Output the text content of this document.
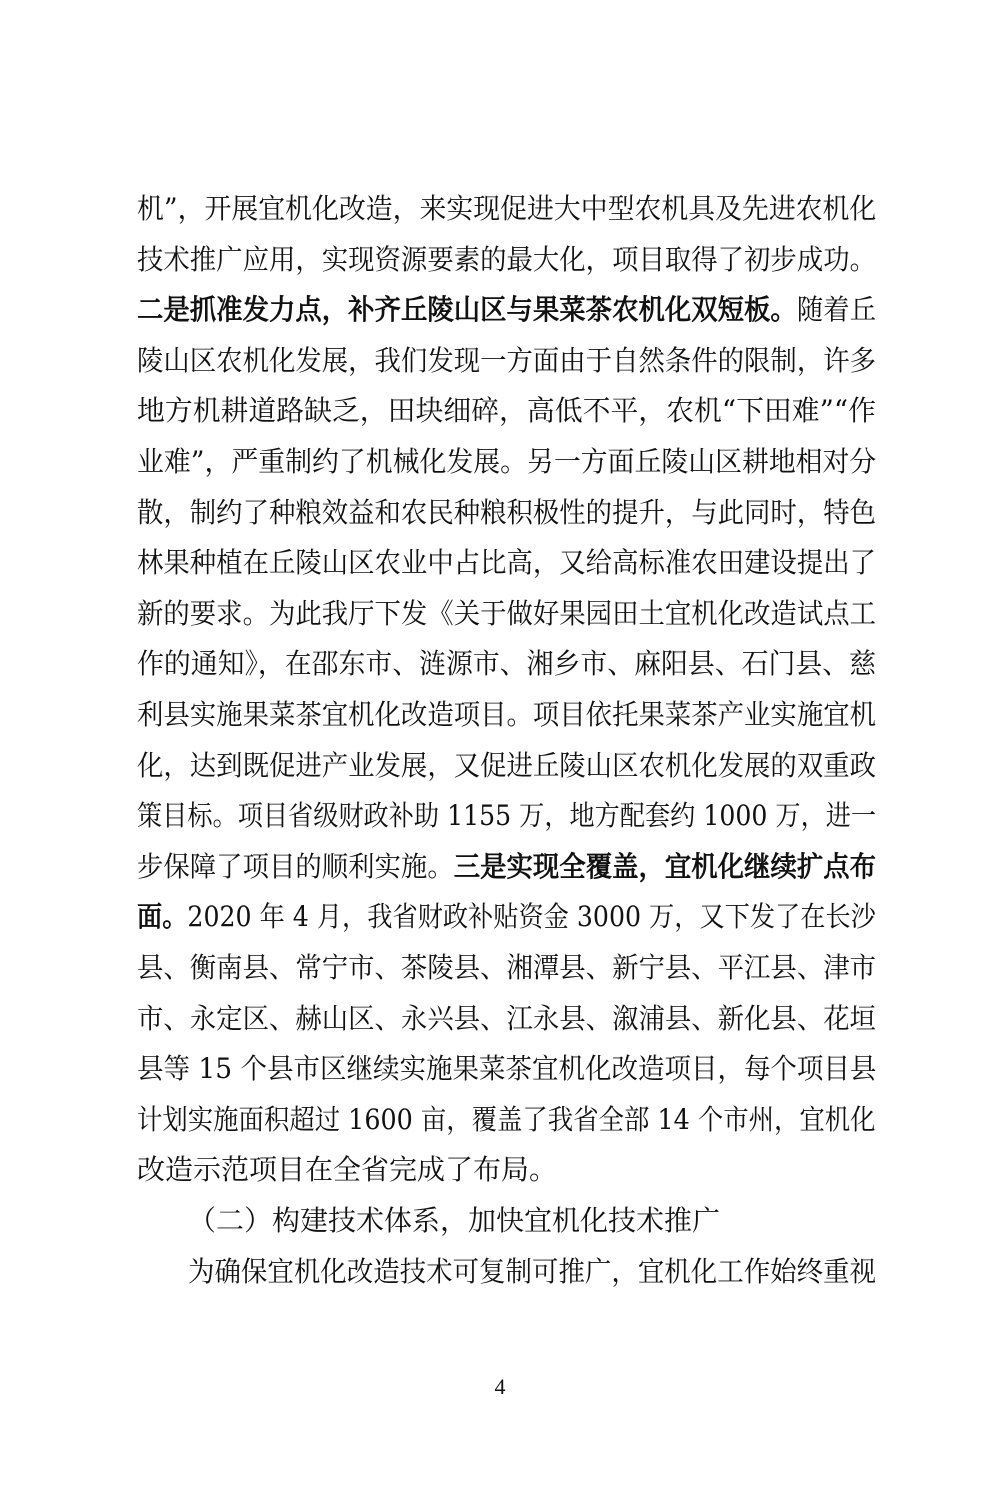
机”，开展宜机化改造，来实现促进大中型农机具及先进农机化
技术推广应用，实现资源要素的最大化，项目取得了初步成功。
二是抓准发力点，补齐丘陵山区与果菜茶农机化双短板。随着丘
陵山区农机化发展，我们发现一方面由于自然条件的限制，许多
地方机耕道路缺乏，田块细碎，高低不平，农机“下田难”“作
业难”，严重制约了机械化发展。另一方面丘陵山区耕地相对分
散，制约了种粮效益和农民种粮积极性的提升，与此同时，特色
林果种植在丘陵山区农业中占比高，又给高标准农田建设提出了
新的要求。为此我厅下发《关于做好果园田土宜机化改造试点工
作的通知》，在邵东市、涟源市、湘乡市、麻阳县、石门县、慈
利县实施果菜茶宜机化改造项目。项目依托果菜茶产业实施宜机
化，达到既促进产业发展，又促进丘陵山区农机化发展的双重政
策目标。项目省级财政补助 1155 万，地方配套约 1000 万，进一
步保障了项目的顺利实施。三是实现全覆盖，宜机化继续扩点布
面。2020 年 4 月，我省财政补贴资金 3000 万，又下发了在长沙
县、衡南县、常宁市、茶陵县、湘潭县、新宁县、平江县、津市
市、永定区、赫山区、永兴县、江永县、溆浦县、新化县、花垣
县等 15 个县市区继续实施果菜茶宜机化改造项目，每个项目县
计划实施面积超过 1600 亩，覆盖了我省全部 14 个市州，宜机化
改造示范项目在全省完成了布局。
（二）构建技术体系，加快宜机化技术推广
为确保宜机化改造技术可复制可推广，宜机化工作始终重视
4
